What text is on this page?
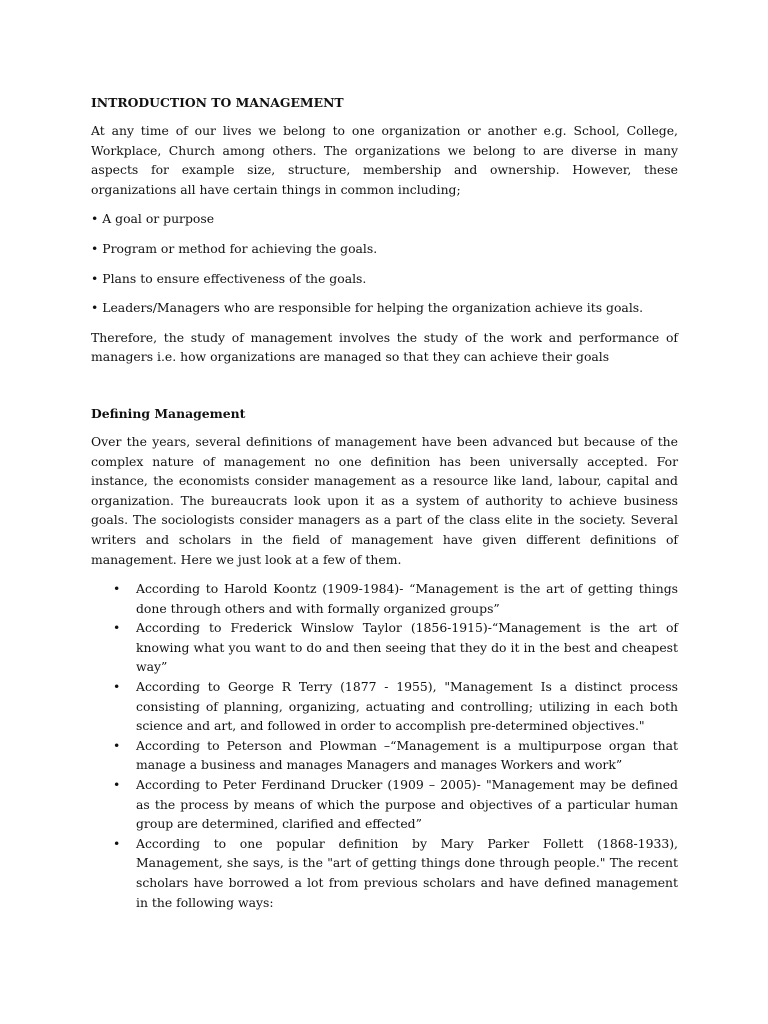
INTRODUCTION TO MANAGEMENT

At any time of our lives we belong to one organization or another e.g. School, College, Workplace, Church among others. The organizations we belong to are diverse in many aspects for example size, structure, membership and ownership. However, these organizations all have certain things in common including;

• A goal or purpose
• Program or method for achieving the goals.
• Plans to ensure effectiveness of the goals.
• Leaders/Managers who are responsible for helping the organization achieve its goals.

Therefore, the study of management involves the study of the work and performance of managers i.e. how organizations are managed so that they can achieve their goals

Defining Management

Over the years, several definitions of management have been advanced but because of the complex nature of management no one definition has been universally accepted. For instance, the economists consider management as a resource like land, labour, capital and organization. The bureaucrats look upon it as a system of authority to achieve business goals. The sociologists consider managers as a part of the class elite in the society. Several writers and scholars in the field of management have given different definitions of management. Here we just look at a few of them.

• According to Harold Koontz (1909-1984)- “Management is the art of getting things done through others and with formally organized groups”
• According to Frederick Winslow Taylor (1856-1915)-“Management is the art of knowing what you want to do and then seeing that they do it in the best and cheapest way”
• According to George R Terry (1877 - 1955), "Management Is a distinct process consisting of planning, organizing, actuating and controlling; utilizing in each both science and art, and followed in order to accomplish pre-determined objectives."
• According to Peterson and Plowman –“Management is a multipurpose organ that manage a business and manages Managers and manages Workers and work”
• According to Peter Ferdinand Drucker (1909 – 2005)- "Management may be defined as the process by means of which the purpose and objectives of a particular human group are determined, clarified and effected”
• According to one popular definition by Mary Parker Follett (1868-1933), Management, she says, is the "art of getting things done through people." The recent scholars have borrowed a lot from previous scholars and have defined management in the following ways:
